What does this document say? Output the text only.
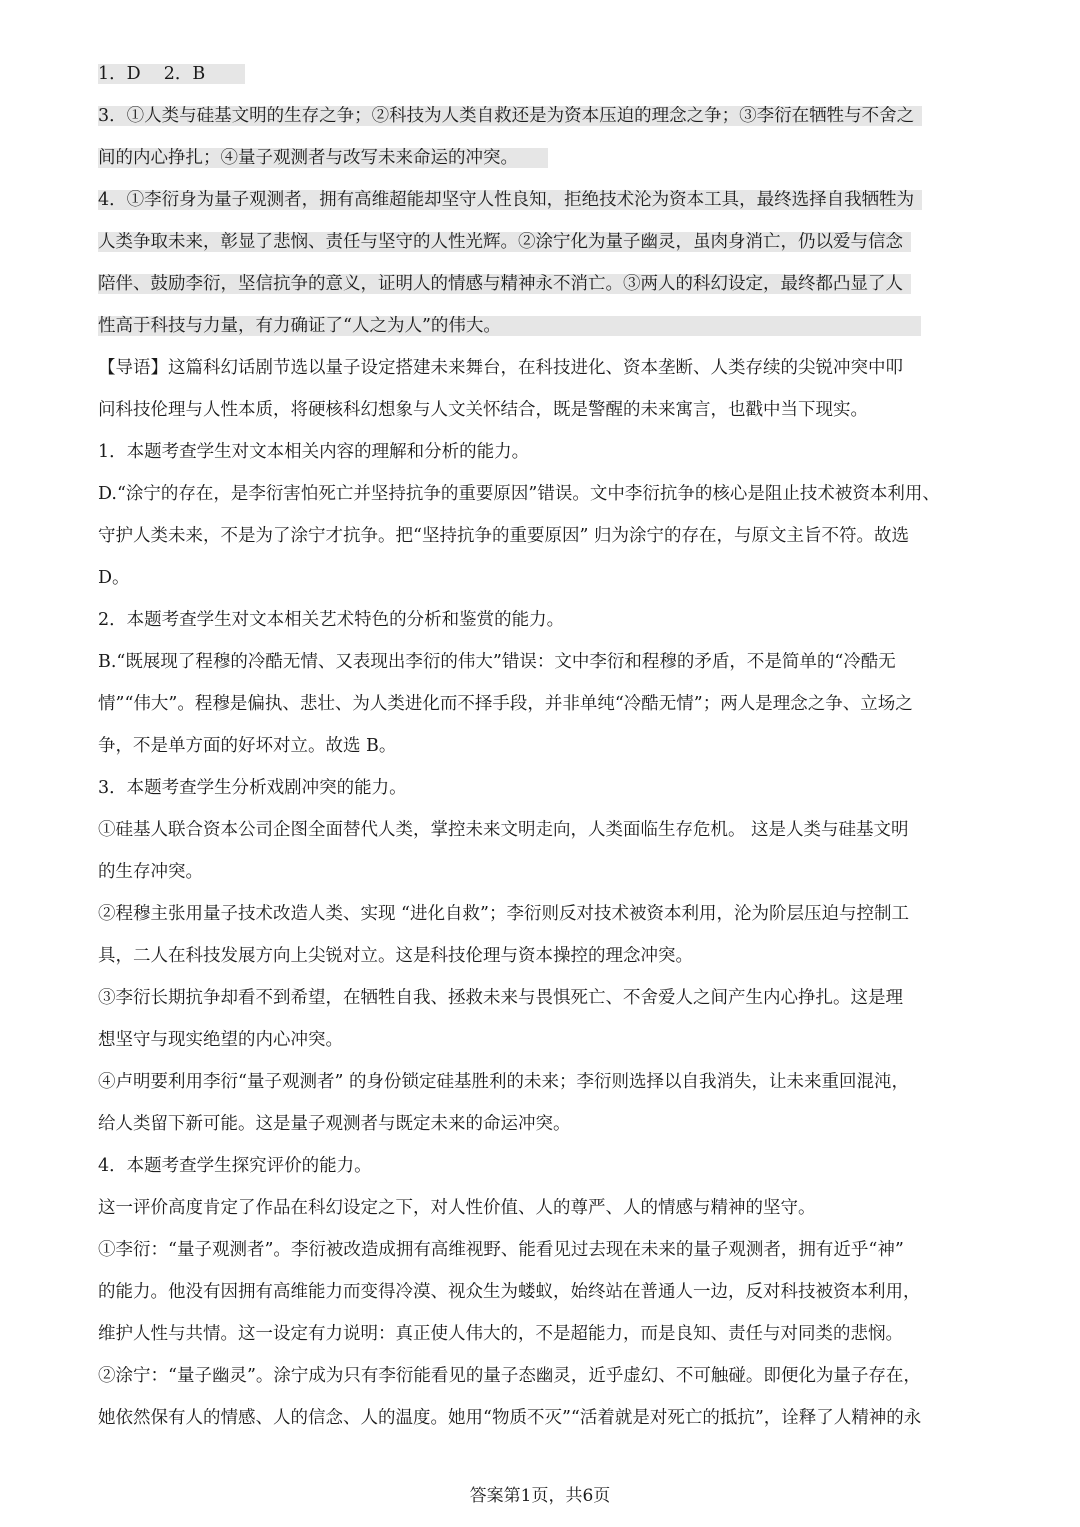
1．D　 2．B
3．①人类与硅基文明的生存之争；②科技为人类自救还是为资本压迫的理念之争；③李衍在牺牲与不舍之
间的内心挣扎；④量子观测者与改写未来命运的冲突。
4．①李衍身为量子观测者，拥有高维超能却坚守人性良知，拒绝技术沦为资本工具，最终选择自我牺牲为
人类争取未来，彰显了悲悯、责任与坚守的人性光辉。②涂宁化为量子幽灵，虽肉身消亡，仍以爱与信念
陪伴、鼓励李衍，坚信抗争的意义，证明人的情感与精神永不消亡。③两人的科幻设定，最终都凸显了人
性高于科技与力量，有力确证了“人之为人”的伟大。
【导语】这篇科幻话剧节选以量子设定搭建未来舞台，在科技进化、资本垄断、人类存续的尖锐冲突中叩
问科技伦理与人性本质，将硬核科幻想象与人文关怀结合，既是警醒的未来寓言，也戳中当下现实。
1．本题考查学生对文本相关内容的理解和分析的能力。
D.“涂宁的存在，是李衍害怕死亡并坚持抗争的重要原因”错误。文中李衍抗争的核心是阻止技术被资本利用、
守护人类未来，不是为了涂宁才抗争。把“坚持抗争的重要原因” 归为涂宁的存在，与原文主旨不符。故选
D。
2．本题考查学生对文本相关艺术特色的分析和鉴赏的能力。
B.“既展现了程穆的冷酷无情、又表现出李衍的伟大”错误：文中李衍和程穆的矛盾，不是简单的“冷酷无
情”“伟大”。程穆是偏执、悲壮、为人类进化而不择手段，并非单纯“冷酷无情”；两人是理念之争、立场之
争，不是单方面的好坏对立。故选 B。
3．本题考查学生分析戏剧冲突的能力。
①硅基人联合资本公司企图全面替代人类，掌控未来文明走向，人类面临生存危机。 这是人类与硅基文明
的生存冲突。
②程穆主张用量子技术改造人类、实现 “进化自救”；李衍则反对技术被资本利用，沦为阶层压迫与控制工
具，二人在科技发展方向上尖锐对立。这是科技伦理与资本操控的理念冲突。
③李衍长期抗争却看不到希望，在牺牲自我、拯救未来与畏惧死亡、不舍爱人之间产生内心挣扎。这是理
想坚守与现实绝望的内心冲突。
④卢明要利用李衍“量子观测者” 的身份锁定硅基胜利的未来；李衍则选择以自我消失，让未来重回混沌，
给人类留下新可能。这是量子观测者与既定未来的命运冲突。
4．本题考查学生探究评价的能力。
这一评价高度肯定了作品在科幻设定之下，对人性价值、人的尊严、人的情感与精神的坚守。
①李衍：“量子观测者”。李衍被改造成拥有高维视野、能看见过去现在未来的量子观测者，拥有近乎“神”
的能力。他没有因拥有高维能力而变得冷漠、视众生为蝼蚁，始终站在普通人一边，反对科技被资本利用，
维护人性与共情。这一设定有力说明：真正使人伟大的，不是超能力，而是良知、责任与对同类的悲悯。
②涂宁：“量子幽灵”。涂宁成为只有李衍能看见的量子态幽灵，近乎虚幻、不可触碰。即便化为量子存在，
她依然保有人的情感、人的信念、人的温度。她用“物质不灭”“活着就是对死亡的抵抗”，诠释了人精神的永
答案第1页，共6页
